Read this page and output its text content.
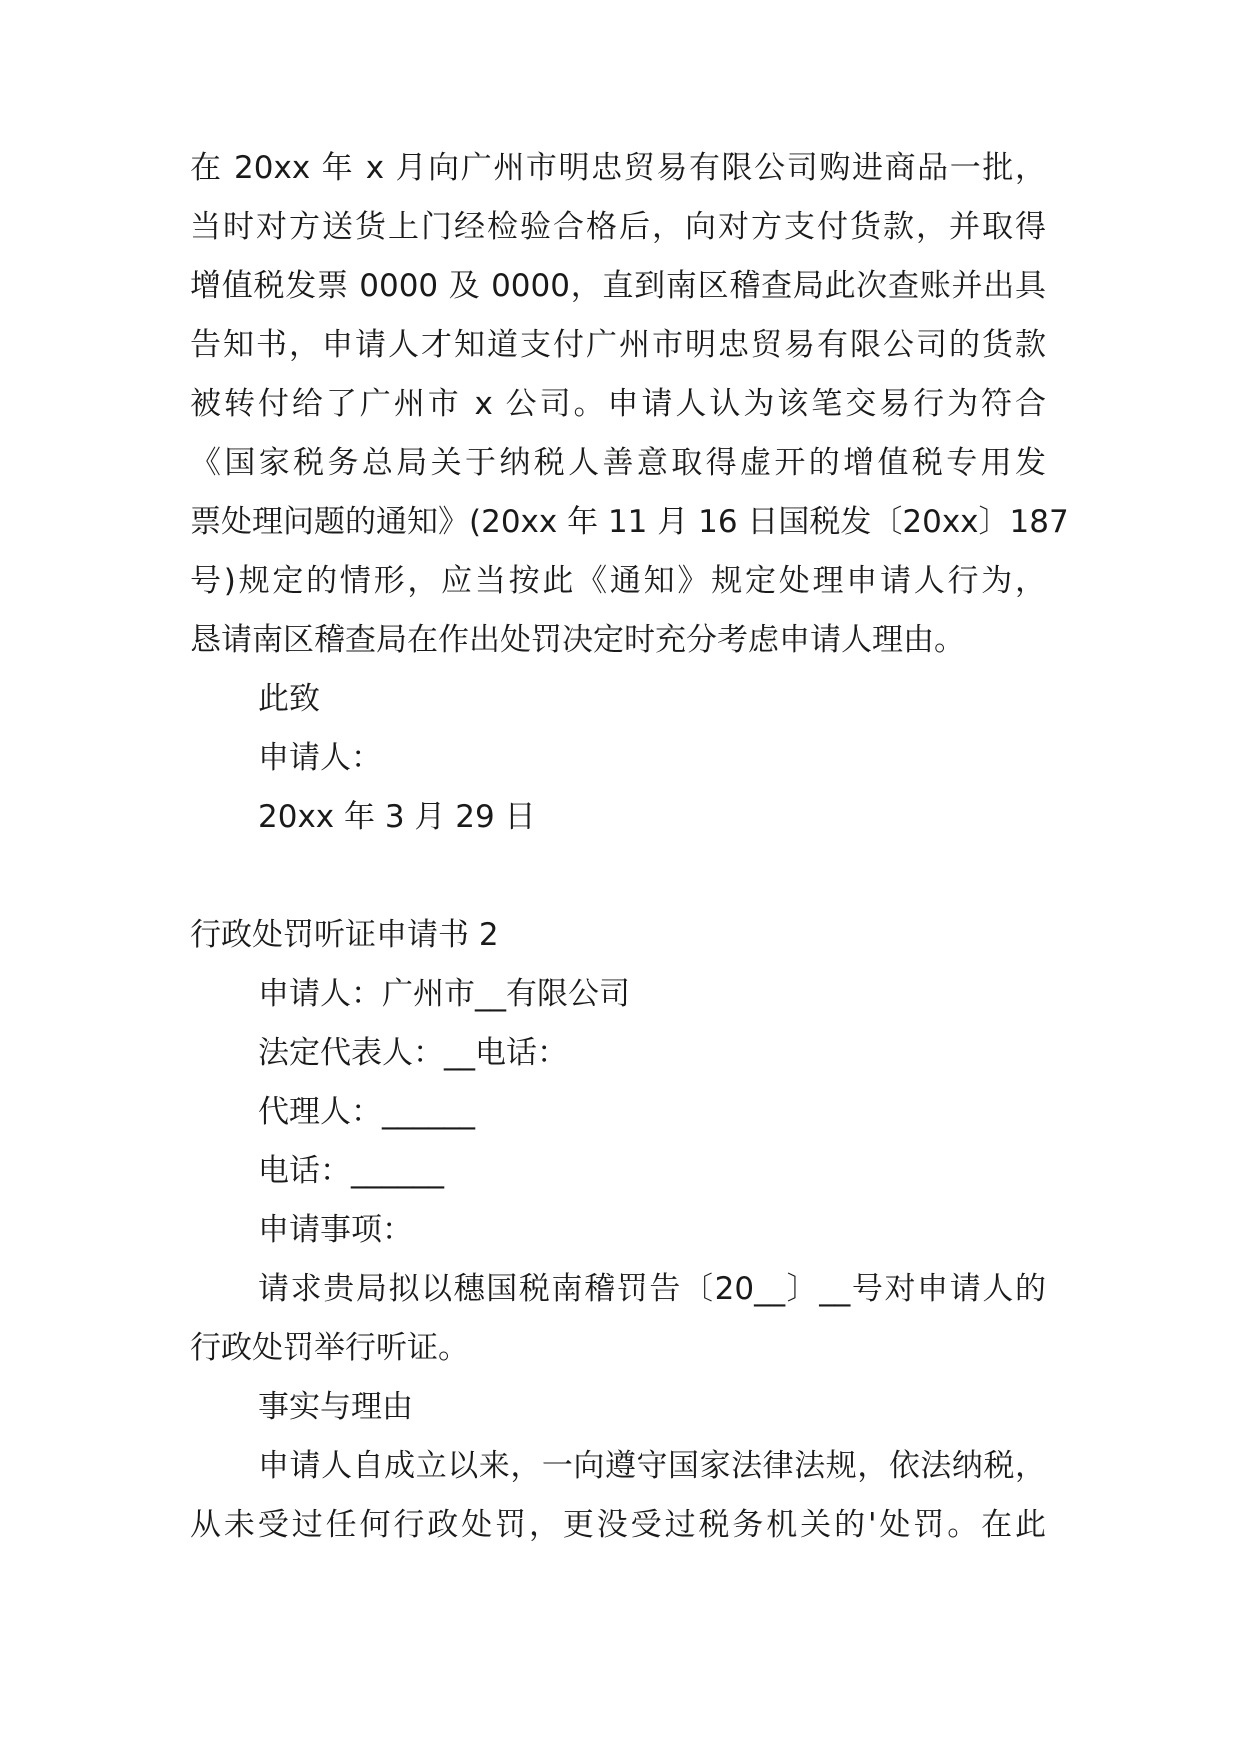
在 20xx 年 x 月向广州市明忠贸易有限公司购进商品一批，
当时对方送货上门经检验合格后，向对方支付货款，并取得
增值税发票 0000 及 0000，直到南区稽查局此次查账并出具
告知书，申请人才知道支付广州市明忠贸易有限公司的货款
被转付给了广州市 x 公司。申请人认为该笔交易行为符合
《国家税务总局关于纳税人善意取得虚开的增值税专用发
票处理问题的通知》(20xx 年 11 月 16 日国税发〔20xx〕187
号)规定的情形，应当按此《通知》规定处理申请人行为，
恳请南区稽查局在作出处罚决定时充分考虑申请人理由。
此致
申请人：
20xx 年 3 月 29 日
行政处罚听证申请书 2
申请人：广州市__有限公司
法定代表人：__电话：
代理人：______
电话：______
申请事项：
请求贵局拟以穗国税南稽罚告〔20__〕__号对申请人的
行政处罚举行听证。
事实与理由
申请人自成立以来，一向遵守国家法律法规，依法纳税，
从未受过任何行政处罚，更没受过税务机关的'处罚。在此
